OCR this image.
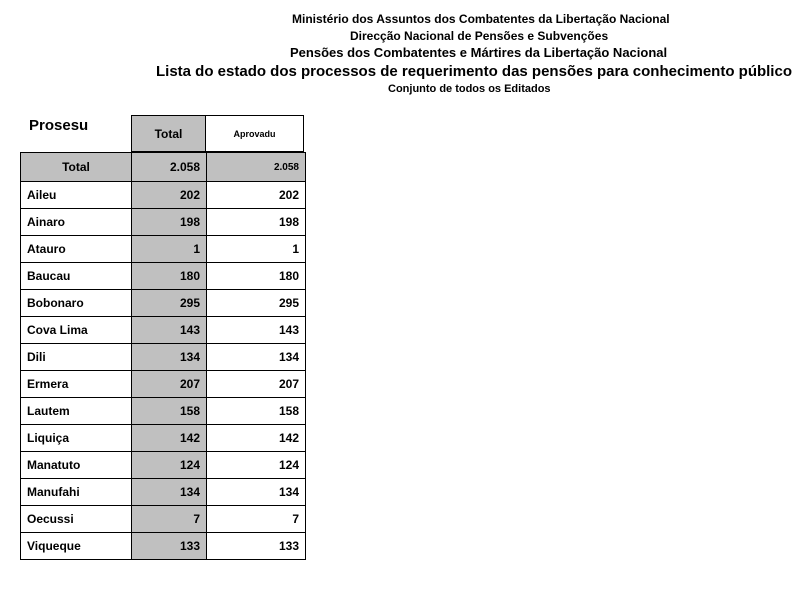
Ministério dos Assuntos dos Combatentes da Libertação Nacional
Direcção Nacional de Pensões e Subvenções
Pensões dos Combatentes e Mártires da Libertação Nacional
Lista do estado dos processos de requerimento das pensões para conhecimento público
Conjunto de todos os Editados
Prosesu	Total	Aprovadu
Total	2.058	2.058
Aileu	202	202
Ainaro	198	198
Atauro	1	1
Baucau	180	180
Bobonaro	295	295
Cova Lima	143	143
Dili	134	134
Ermera	207	207
Lautem	158	158
Liquiça	142	142
Manatuto	124	124
Manufahi	134	134
Oecussi	7	7
Viqueque	133	133
